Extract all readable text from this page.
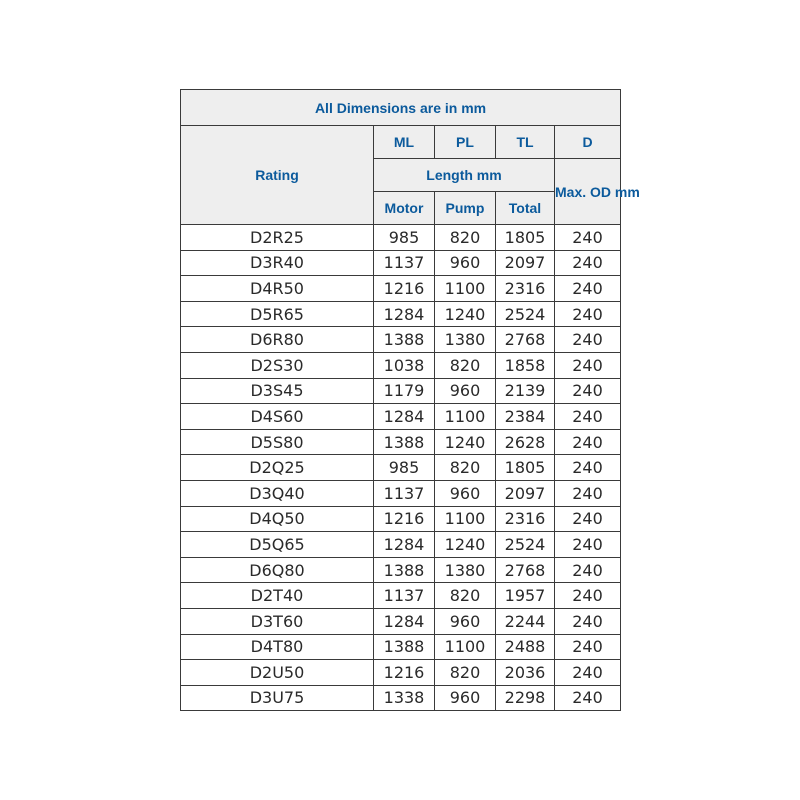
All Dimensions are in mm				
Rating	ML	PL	TL	D
	Length mm			Max. OD mm
	Motor	Pump	Total	
D2R25	985	820	1805	240
D3R40	1137	960	2097	240
D4R50	1216	1100	2316	240
D5R65	1284	1240	2524	240
D6R80	1388	1380	2768	240
D2S30	1038	820	1858	240
D3S45	1179	960	2139	240
D4S60	1284	1100	2384	240
D5S80	1388	1240	2628	240
D2Q25	985	820	1805	240
D3Q40	1137	960	2097	240
D4Q50	1216	1100	2316	240
D5Q65	1284	1240	2524	240
D6Q80	1388	1380	2768	240
D2T40	1137	820	1957	240
D3T60	1284	960	2244	240
D4T80	1388	1100	2488	240
D2U50	1216	820	2036	240
D3U75	1338	960	2298	240
